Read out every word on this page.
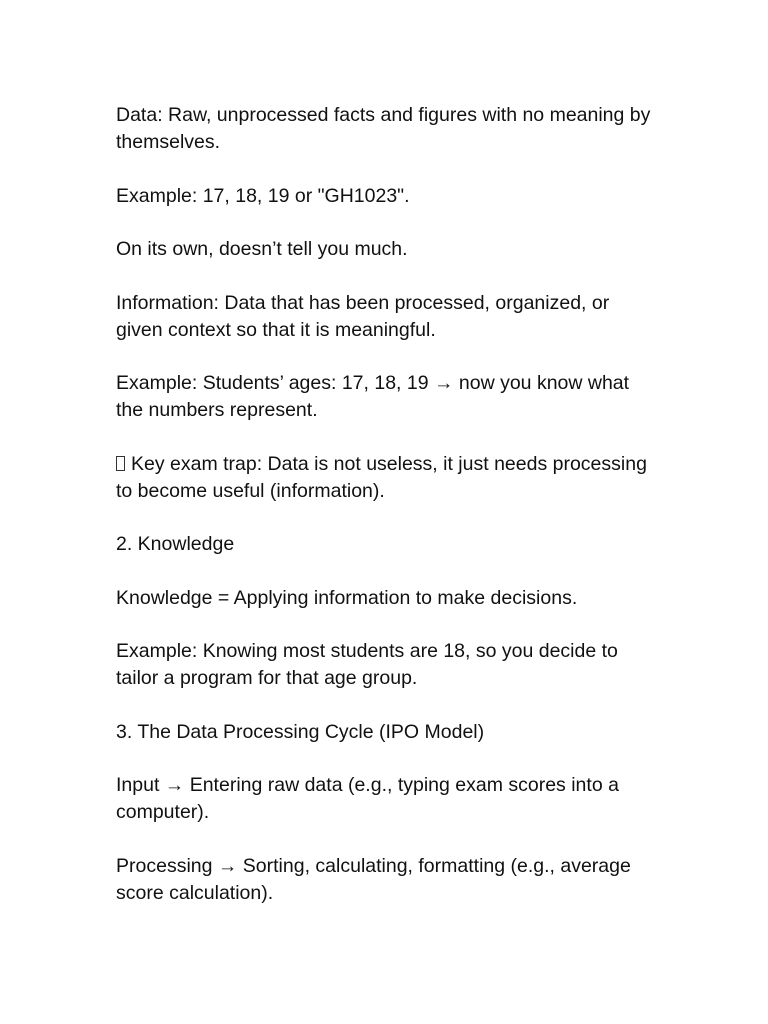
Data: Raw, unprocessed facts and figures with no meaning by themselves.

Example: 17, 18, 19 or "GH1023".

On its own, doesn’t tell you much.

Information: Data that has been processed, organized, or given context so that it is meaningful.

Example: Students’ ages: 17, 18, 19 → now you know what the numbers represent.

Key exam trap: Data is not useless, it just needs processing to become useful (information).

2. Knowledge

Knowledge = Applying information to make decisions.

Example: Knowing most students are 18, so you decide to tailor a program for that age group.

3. The Data Processing Cycle (IPO Model)

Input → Entering raw data (e.g., typing exam scores into a computer).

Processing → Sorting, calculating, formatting (e.g., average score calculation).
